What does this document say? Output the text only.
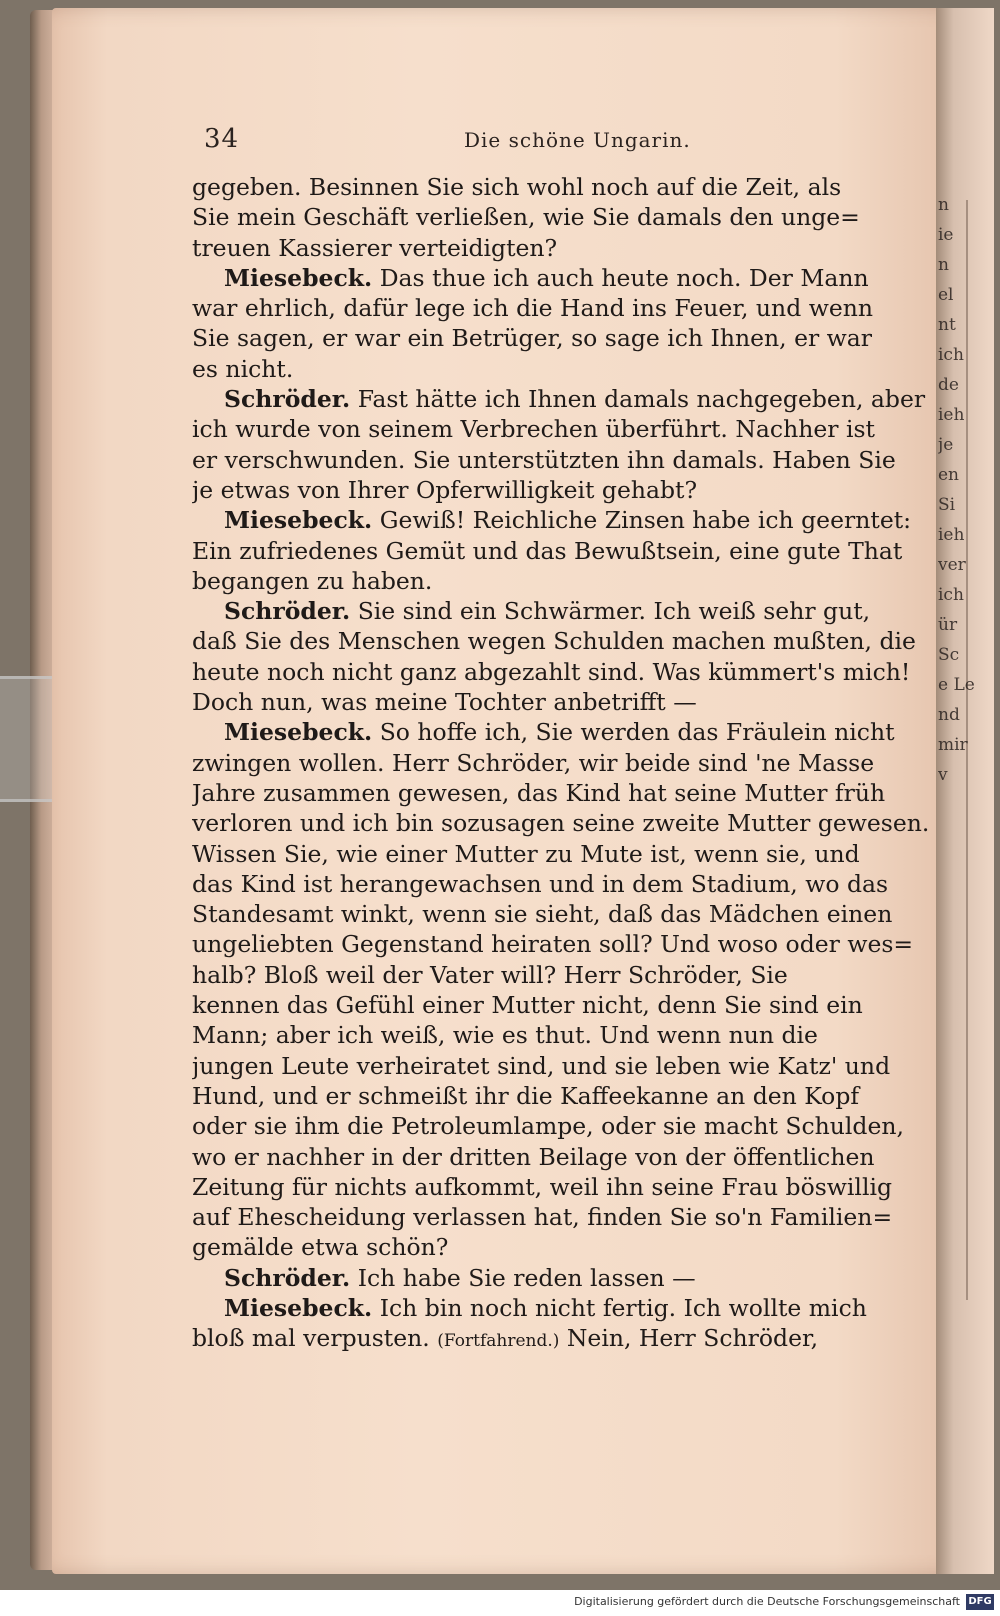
34	Die schöne Ungarin.

gegeben. Besinnen Sie sich wohl noch auf die Zeit, als
Sie mein Geschäft verließen, wie Sie damals den unge=
treuen Kassierer verteidigten?

Miesebeck. Das thue ich auch heute noch. Der Mann
war ehrlich, dafür lege ich die Hand ins Feuer, und wenn
Sie sagen, er war ein Betrüger, so sage ich Ihnen, er war
es nicht.

Schröder. Fast hätte ich Ihnen damals nachgegeben, aber
ich wurde von seinem Verbrechen überführt. Nachher ist
er verschwunden. Sie unterstützten ihn damals. Haben Sie
je etwas von Ihrer Opferwilligkeit gehabt?

Miesebeck. Gewiß! Reichliche Zinsen habe ich geerntet:
Ein zufriedenes Gemüt und das Bewußtsein, eine gute That
begangen zu haben.

Schröder. Sie sind ein Schwärmer. Ich weiß sehr gut,
daß Sie des Menschen wegen Schulden machen mußten, die
heute noch nicht ganz abgezahlt sind. Was kümmert's mich!
Doch nun, was meine Tochter anbetrifft —

Miesebeck. So hoffe ich, Sie werden das Fräulein nicht
zwingen wollen. Herr Schröder, wir beide sind 'ne Masse
Jahre zusammen gewesen, das Kind hat seine Mutter früh
verloren und ich bin sozusagen seine zweite Mutter gewesen.
Wissen Sie, wie einer Mutter zu Mute ist, wenn sie, und
das Kind ist herangewachsen und in dem Stadium, wo das
Standesamt winkt, wenn sie sieht, daß das Mädchen einen
ungeliebten Gegenstand heiraten soll? Und woso oder wes=
halb? Bloß weil der Vater will? Herr Schröder, Sie
kennen das Gefühl einer Mutter nicht, denn Sie sind ein
Mann; aber ich weiß, wie es thut. Und wenn nun die
jungen Leute verheiratet sind, und sie leben wie Katz' und
Hund, und er schmeißt ihr die Kaffeekanne an den Kopf
oder sie ihm die Petroleumlampe, oder sie macht Schulden,
wo er nachher in der dritten Beilage von der öffentlichen
Zeitung für nichts aufkommt, weil ihn seine Frau böswillig
auf Ehescheidung verlassen hat, finden Sie so'n Familien=
gemälde etwa schön?

Schröder. Ich habe Sie reden lassen —

Miesebeck. Ich bin noch nicht fertig. Ich wollte mich
bloß mal verpusten. (Fortfahrend.) Nein, Herr Schröder,

n
ie
n
el
nt
ich
de
ieh
je
en
Si
ieh
ver
ich
ür
Sc
e Le
nd
mir v
Digitalisierung gefördert durch die Deutsche Forschungsgemeinschaft DFG
